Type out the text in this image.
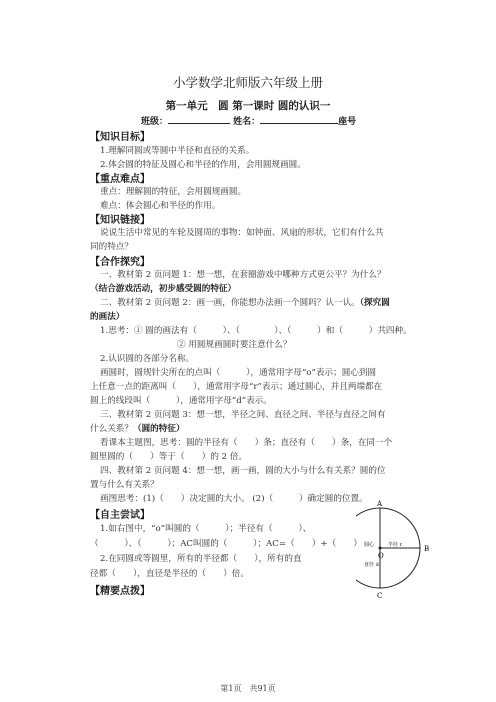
小学数学北师版六年级上册
第一单元　圆 第一课时 圆的认识一
班级：	姓名：	座号
【知识目标】
1.理解同圆或等圆中半径和直径的关系。
2.体会圆的特征及圆心和半径的作用，会用圆规画圆。
【重点难点】
重点：理解圆的特征，会用圆规画圆。
难点：体会圆心和半径的作用。
【知识链接】
说说生活中常见的车轮及圆周的事物：如钟面、风扇的形状，它们有什么共
同的特点？
【合作探究】
一、教材第 2 页问题 1：想一想，在套圈游戏中哪种方式更公平？为什么？
（结合游戏活动，初步感受圆的特征）
二、教材第 2 页问题 2：画一画，你能想办法画一个圆吗？认一认。（探究圆
的画法）
1.思考：① 圆的画法有（　　　）、（　　　　）、（　　　）和（　　　）共四种。
② 用圆规画圆时要注意什么？
2.认识圆的各部分名称。
画圆时，圆规针尖所在的点叫（　　　），通常用字母“o”表示；圆心到圆
上任意一点的距离叫（　　），通常用字母“r”表示；通过圆心，并且两端都在
圆上的线段叫（　　　），通常用字母“d”表示。
三、教材第 2 页问题 3：想一想，半径之间、直径之间、半径与直径之间有
什么关系？（圆的特征）
看课本主题图，思考：圆的半径有（　　）条；直径有（　　）条，在同一个
圆里圆的（　　）等于（　　）的 2 倍。
四、教材第 2 页问题 4：想一想，画一画，圆的大小与什么有关系？圆的位
置与什么有关系？
画图思考：(1)（　　）决定圆的大小。 (2)（　　　）确定圆的位置。
【自主尝试】
1.如右图中，“o”叫圆的（　　　）；半径有（　　　）、
（　　　）、（　　　）；AC叫圆的（　　　）；AC=（　　）+（　　）
2.在同圆或等圆里，所有的半径都（　　），所有的直
径都（　　），直径是半径的（　　）倍。
【精要点拨】
A
B
C
O
圆心	半径 r
直径 d
第1页　共91页
